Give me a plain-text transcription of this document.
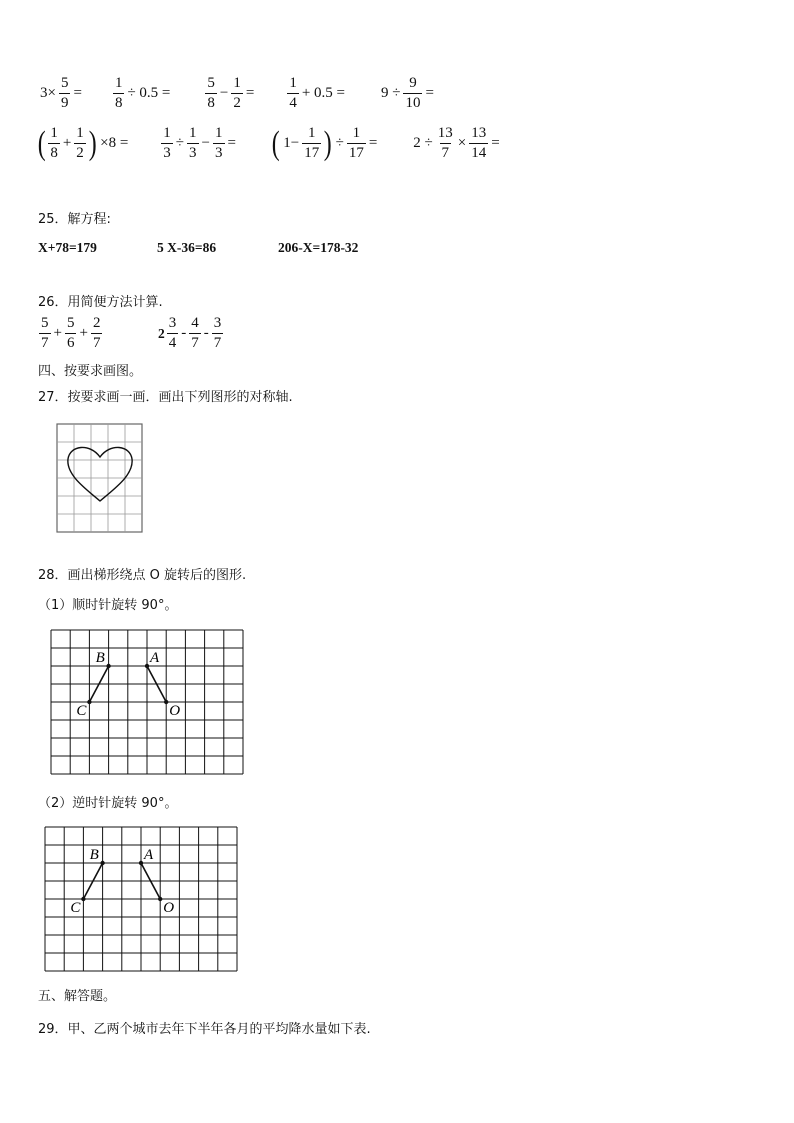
$3\times \frac{5}{9} = \frac{1}{8} \div 0.5 = \frac{5}{8} - \frac{1}{2} = \frac{1}{4} + 0.5 = 9 \div \frac{9}{10}$ =
( $\frac{1}{8} + \frac{1}{2}$ ) $\times 8 = \frac{1}{3} \div \frac{1}{3} - \frac{1}{3}$ = ( $1- \frac{1}{17}$ ) ÷ $\frac{1}{17} = 2 \div \frac{13}{7} \times \frac{13}{14}$ =
25．解方程:
X+78=179	5 X-36=86	206-X=178-32
26．用简便方法计算.
$\frac{5}{7} + \frac{5}{6} + \frac{2}{7}$	$2 \frac{3}{4} - \frac{4}{7} - \frac{3}{7}$
四、按要求画图。
27．按要求画一画．画出下列图形的对称轴.
28．画出梯形绕点 O 旋转后的图形.
（1）顺时针旋转 90°。
B	A
C	O
（2）逆时针旋转 90°。
B	A
C	O
五、解答题。
29．甲、乙两个城市去年下半年各月的平均降水量如下表.
